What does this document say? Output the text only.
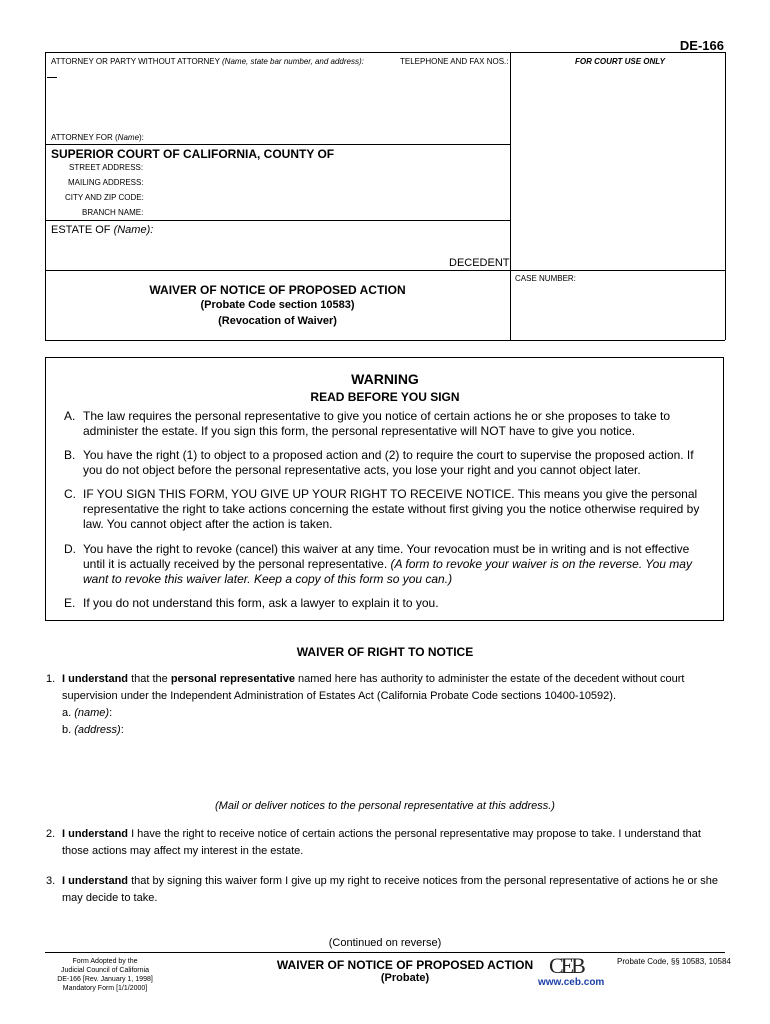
DE-166
ATTORNEY OR PARTY WITHOUT ATTORNEY (Name, state bar number, and address):	TELEPHONE AND FAX NOS.:	FOR COURT USE ONLY
ATTORNEY FOR (Name):
SUPERIOR COURT OF CALIFORNIA, COUNTY OF
STREET ADDRESS:
MAILING ADDRESS:
CITY AND ZIP CODE:
BRANCH NAME:
ESTATE OF (Name):
DECEDENT
CASE NUMBER:
WAIVER OF NOTICE OF PROPOSED ACTION
(Probate Code section 10583)
(Revocation of Waiver)
WARNING
READ BEFORE YOU SIGN
A. The law requires the personal representative to give you notice of certain actions he or she proposes to take to administer the estate. If you sign this form, the personal representative will NOT have to give you notice.
B. You have the right (1) to object to a proposed action and (2) to require the court to supervise the proposed action. If you do not object before the personal representative acts, you lose your right and you cannot object later.
C. IF YOU SIGN THIS FORM, YOU GIVE UP YOUR RIGHT TO RECEIVE NOTICE. This means you give the personal representative the right to take actions concerning the estate without first giving you the notice otherwise required by law. You cannot object after the action is taken.
D. You have the right to revoke (cancel) this waiver at any time. Your revocation must be in writing and is not effective until it is actually received by the personal representative. (A form to revoke your waiver is on the reverse. You may want to revoke this waiver later. Keep a copy of this form so you can.)
E. If you do not understand this form, ask a lawyer to explain it to you.
WAIVER OF RIGHT TO NOTICE
1. I understand that the personal representative named here has authority to administer the estate of the decedent without court supervision under the Independent Administration of Estates Act (California Probate Code sections 10400-10592).
a. (name):
b. (address):
(Mail or deliver notices to the personal representative at this address.)
2. I understand I have the right to receive notice of certain actions the personal representative may propose to take. I understand that those actions may affect my interest in the estate.
3. I understand that by signing this waiver form I give up my right to receive notices from the personal representative of actions he or she may decide to take.
(Continued on reverse)
Form Adopted by the
Judicial Council of California
DE-166 [Rev. January 1, 1998]
Mandatory Form [1/1/2000]
WAIVER OF NOTICE OF PROPOSED ACTION
(Probate)	CEB
www.ceb.com
Probate Code, §§ 10583, 10584
